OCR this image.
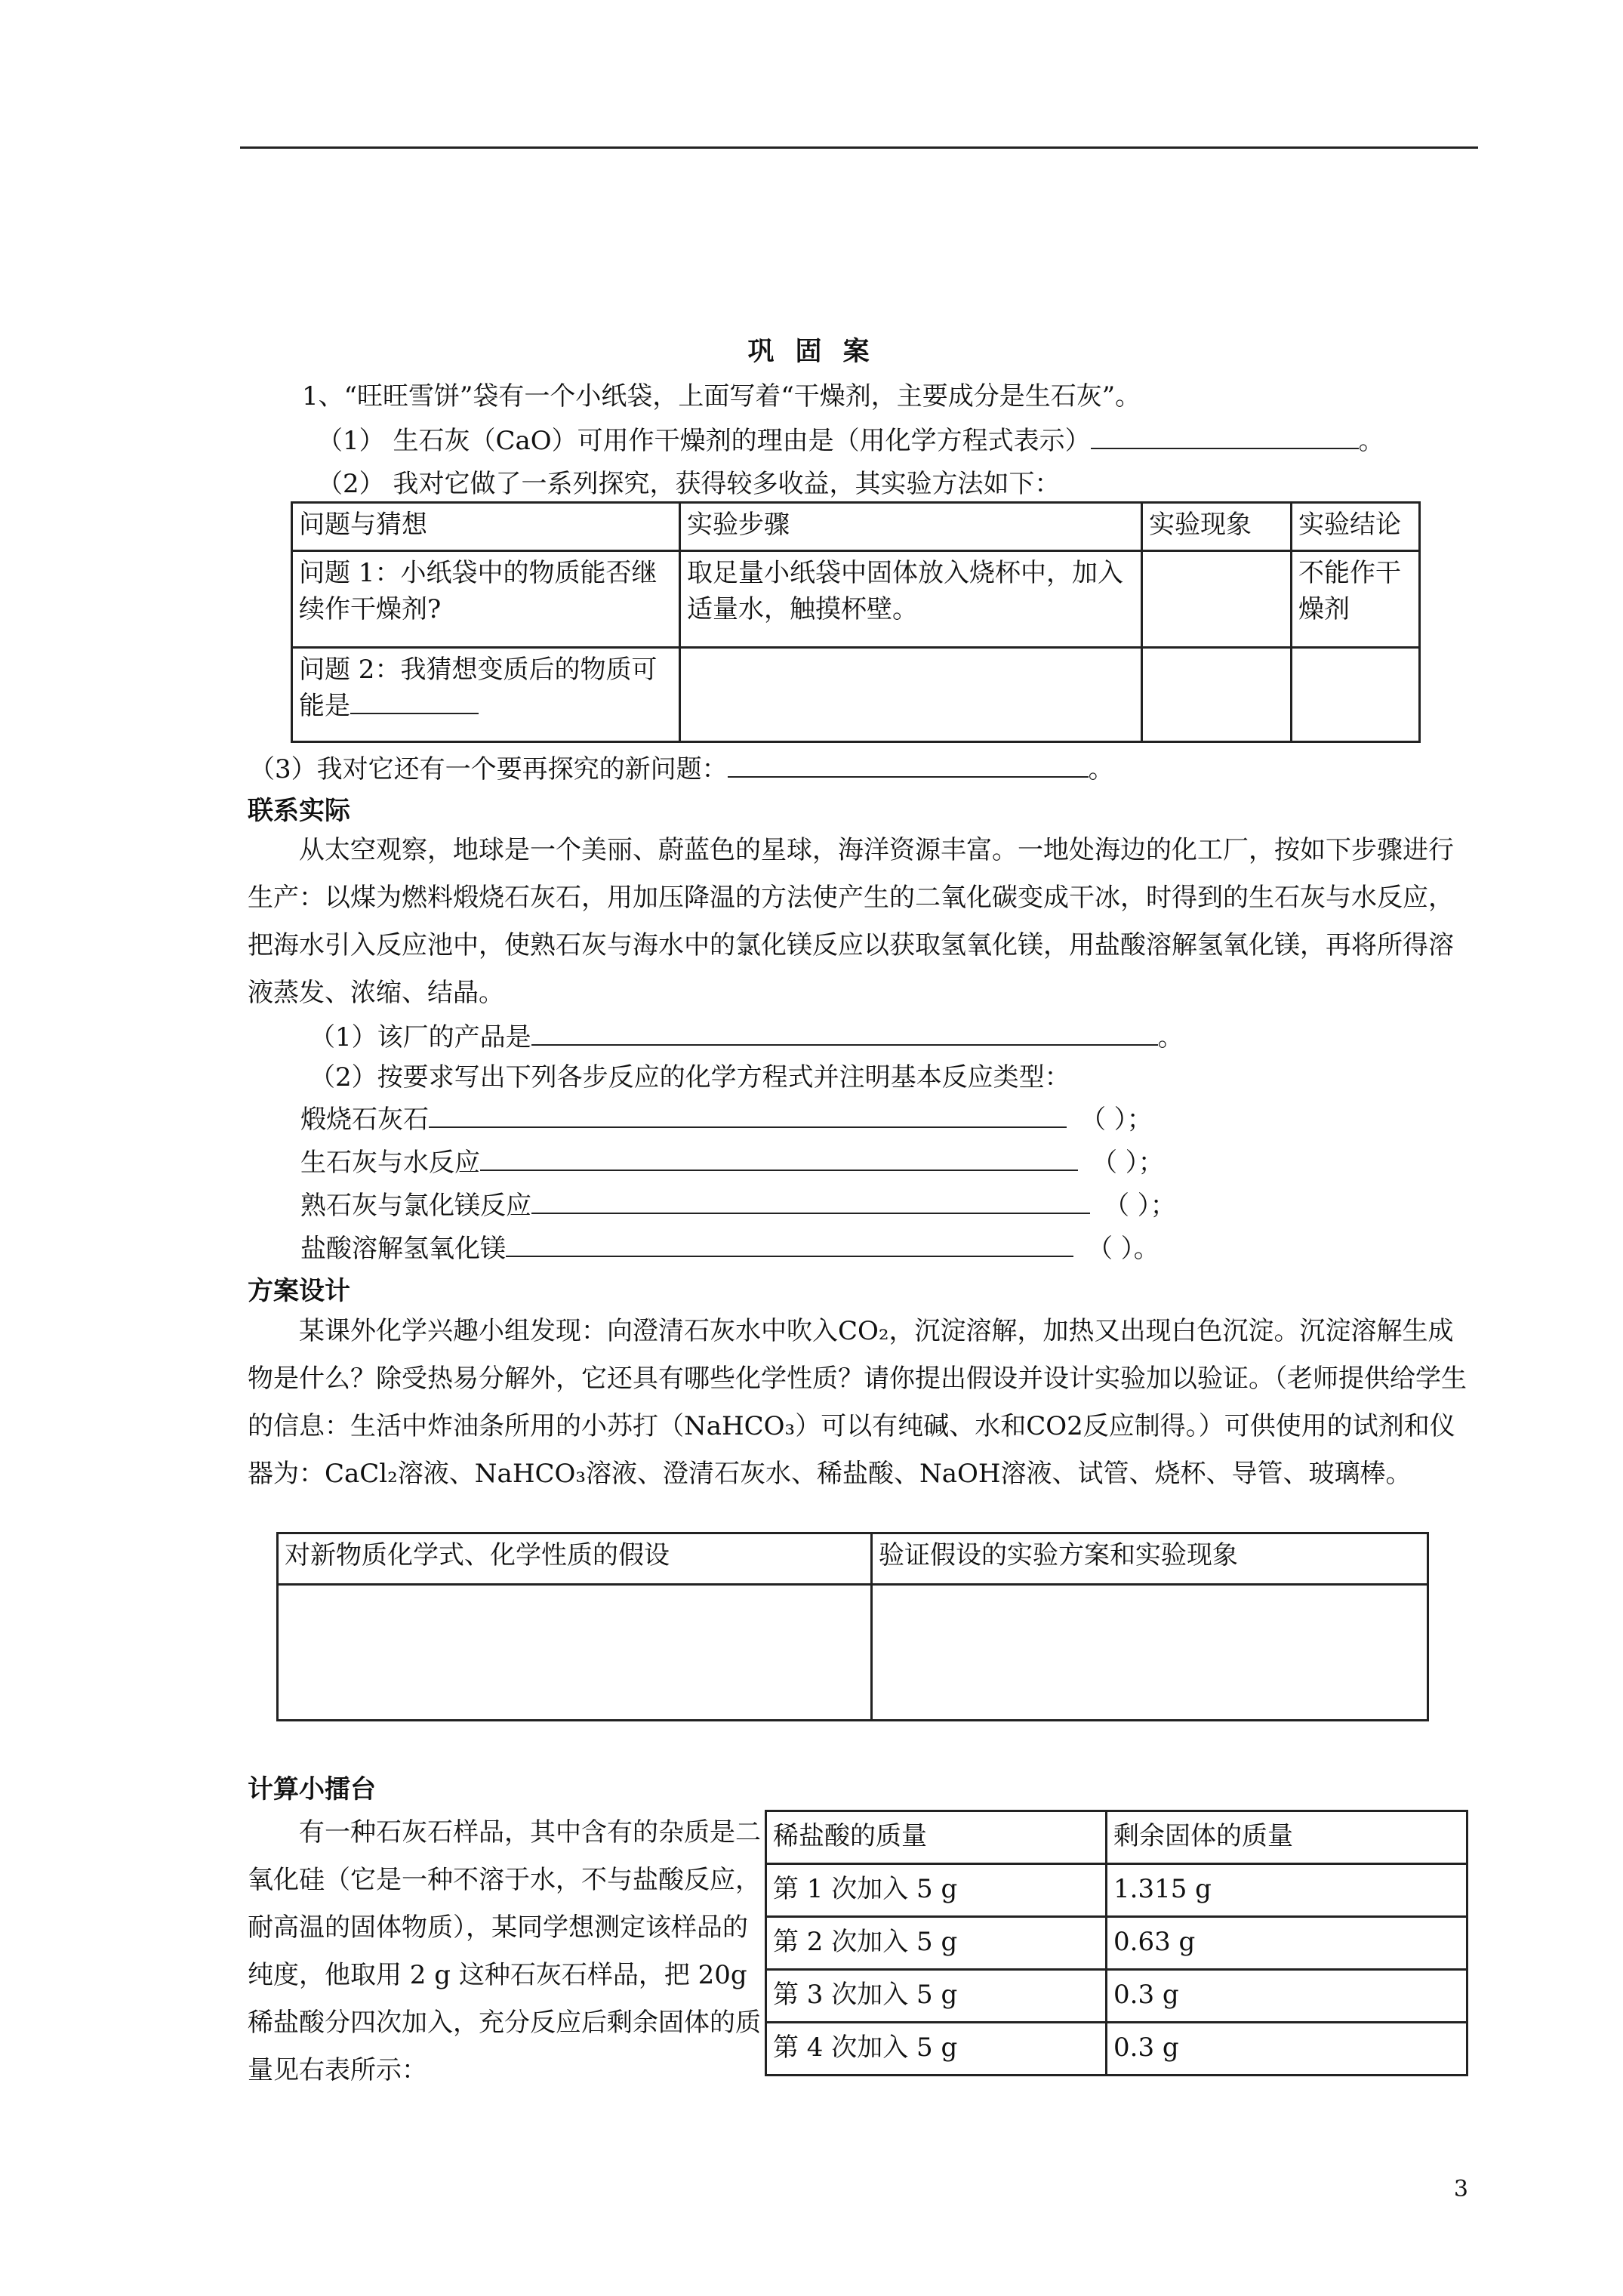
巩 固 案
1、“旺旺雪饼”袋有一个小纸袋，上面写着“干燥剂，主要成分是生石灰”。
（1） 生石灰（CaO）可用作干燥剂的理由是（用化学方程式表示）	。
（2） 我对它做了一系列探究，获得较多收益，其实验方法如下：
问题与猜想	实验步骤	实验现象	实验结论
问题 1：小纸袋中的物质能否继续作干燥剂?	取足量小纸袋中固体放入烧杯中，加入适量水，触摸杯壁。		不能作干燥剂
问题 2：我猜想变质后的物质可能是			
（3）我对它还有一个要再探究的新问题：	。
联系实际
从太空观察，地球是一个美丽、蔚蓝色的星球，海洋资源丰富。一地处海边的化工厂，按如下步骤进行生产：以煤为燃料煅烧石灰石，用加压降温的方法使产生的二氧化碳变成干冰，时得到的生石灰与水反应，把海水引入反应池中，使熟石灰与海水中的氯化镁反应以获取氢氧化镁，用盐酸溶解氢氧化镁，再将所得溶液蒸发、浓缩、结晶。
（1）该厂的产品是	。
（2）按要求写出下列各步反应的化学方程式并注明基本反应类型：
煅烧石灰石	（ ）；
生石灰与水反应	（ ）；
熟石灰与氯化镁反应	（ ）；
盐酸溶解氢氧化镁	（ ）。
方案设计
某课外化学兴趣小组发现：向澄清石灰水中吹入CO₂，沉淀溶解，加热又出现白色沉淀。沉淀溶解生成物是什么？除受热易分解外，它还具有哪些化学性质？请你提出假设并设计实验加以验证。（老师提供给学生的信息：生活中炸油条所用的小苏打（NaHCO₃）可以有纯碱、水和CO2反应制得。）可供使用的试剂和仪器为：CaCl₂溶液、NaHCO₃溶液、澄清石灰水、稀盐酸、NaOH溶液、试管、烧杯、导管、玻璃棒。
对新物质化学式、化学性质的假设	验证假设的实验方案和实验现象

计算小擂台
有一种石灰石样品，其中含有的杂质是二氧化硅（它是一种不溶于水，不与盐酸反应，耐高温的固体物质），某同学想测定该样品的纯度，他取用 2 g 这种石灰石样品，把 20g 稀盐酸分四次加入，充分反应后剩余固体的质量见右表所示：
稀盐酸的质量	剩余固体的质量
第 1 次加入 5 g	1.315 g
第 2 次加入 5 g	0.63 g
第 3 次加入 5 g	0.3 g
第 4 次加入 5 g	0.3 g
3
